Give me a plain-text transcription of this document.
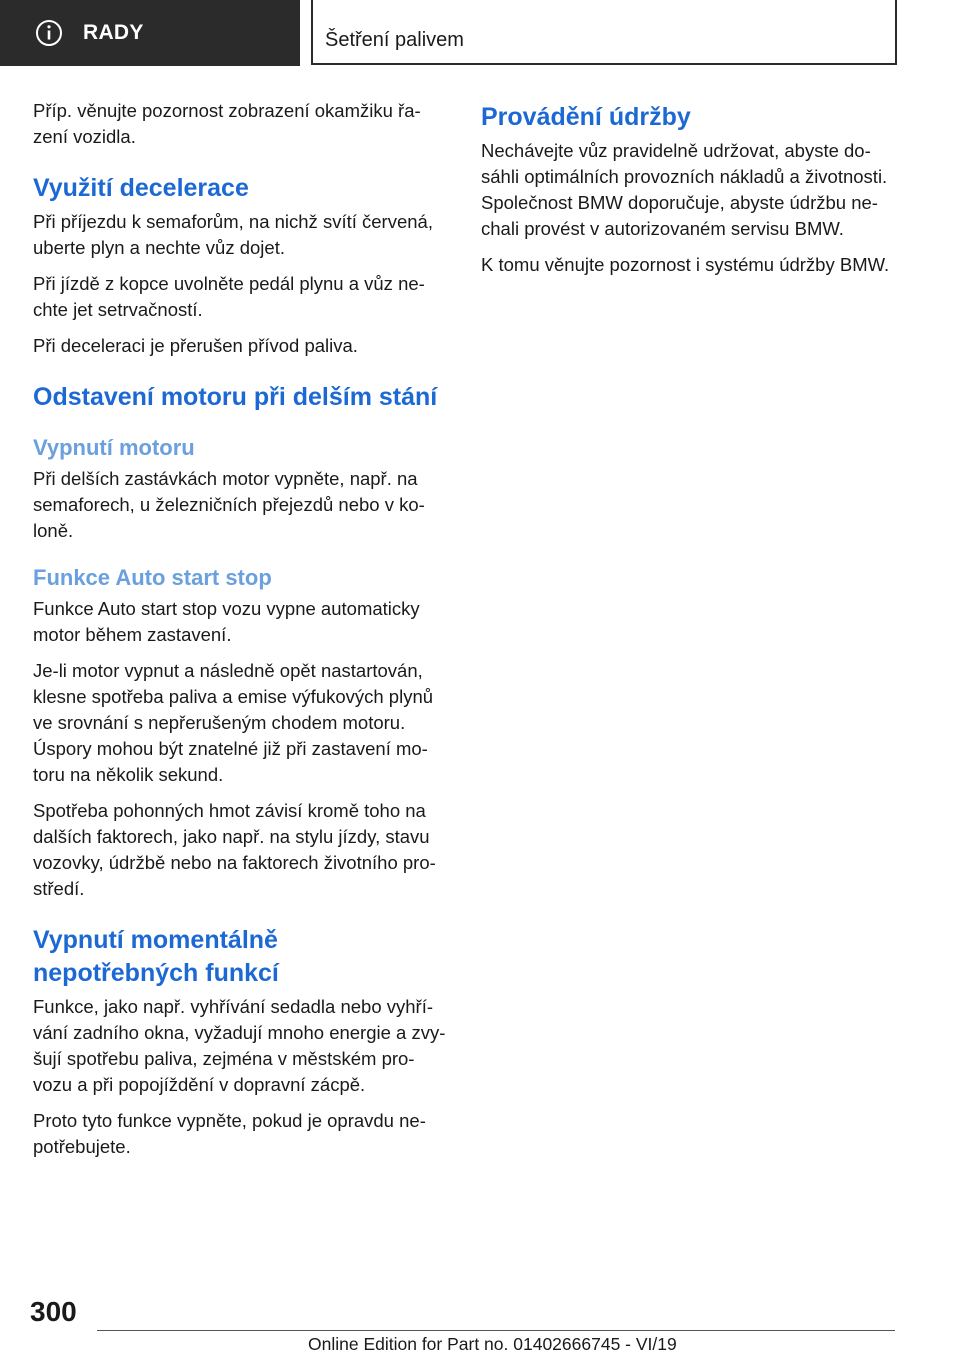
RADY	Šetření palivem

Příp. věnujte pozornost zobrazení okamžiku řa- zení vozidla.

Využití decelerace

Při příjezdu k semaforům, na nichž svítí červená, uberte plyn a nechte vůz dojet.

Při jízdě z kopce uvolněte pedál plynu a vůz ne- chte jet setrvačností.

Při deceleraci je přerušen přívod paliva.

Odstavení motoru při delším stání
Vypnutí motoru

Při delších zastávkách motor vypněte, např. na semaforech, u železničních přejezdů nebo v ko- loně.

Funkce Auto start stop

Funkce Auto start stop vozu vypne automaticky motor během zastavení.

Je-li motor vypnut a následně opět nastartován, klesne spotřeba paliva a emise výfukových plynů ve srovnání s nepřerušeným chodem motoru. Úspory mohou být znatelné již při zastavení mo- toru na několik sekund.

Spotřeba pohonných hmot závisí kromě toho na dalších faktorech, jako např. na stylu jízdy, stavu vozovky, údržbě nebo na faktorech životního pro- středí.

Vypnutí momentálně nepotřebných funkcí

Funkce, jako např. vyhřívání sedadla nebo vyhří- vání zadního okna, vyžadují mnoho energie a zvy- šují spotřebu paliva, zejména v městském pro- vozu a při popojíždění v dopravní zácpě.

Proto tyto funkce vypněte, pokud je opravdu ne- potřebujete.

Provádění údržby

Nechávejte vůz pravidelně udržovat, abyste do- sáhli optimálních provozních nákladů a životnosti. Společnost BMW doporučuje, abyste údržbu ne- chali provést v autorizovaném servisu BMW.

K tomu věnujte pozornost i systému údržby BMW.

300
Online Edition for Part no. 01402666745 - VI/19
